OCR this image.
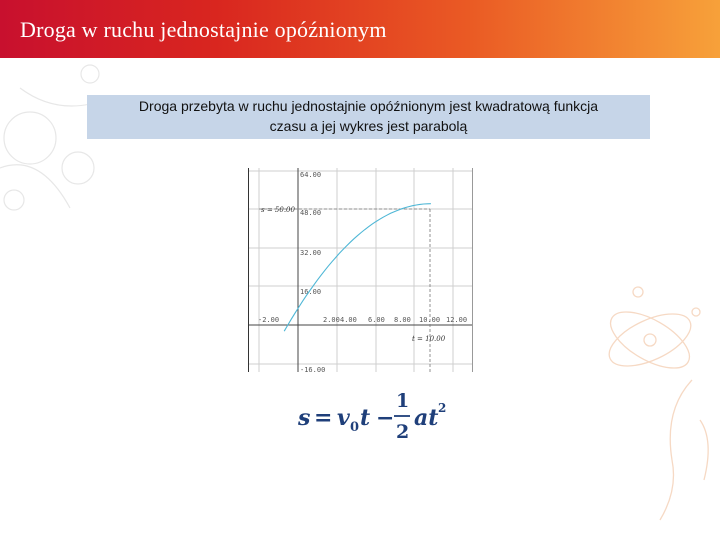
Droga w ruchu jednostajnie opóźnionym
Droga przebyta w ruchu jednostajnie opóźnionym jest kwadratową funkcja
czasu a jej wykres jest parabolą
64.00
48.00
32.00
16.00
-16.00
-2.00	2.00 4.00 6.00 8.00 10.00 12.00
s = 50.00
t = 10.00
s = v 0 t −
1
2
at 2
